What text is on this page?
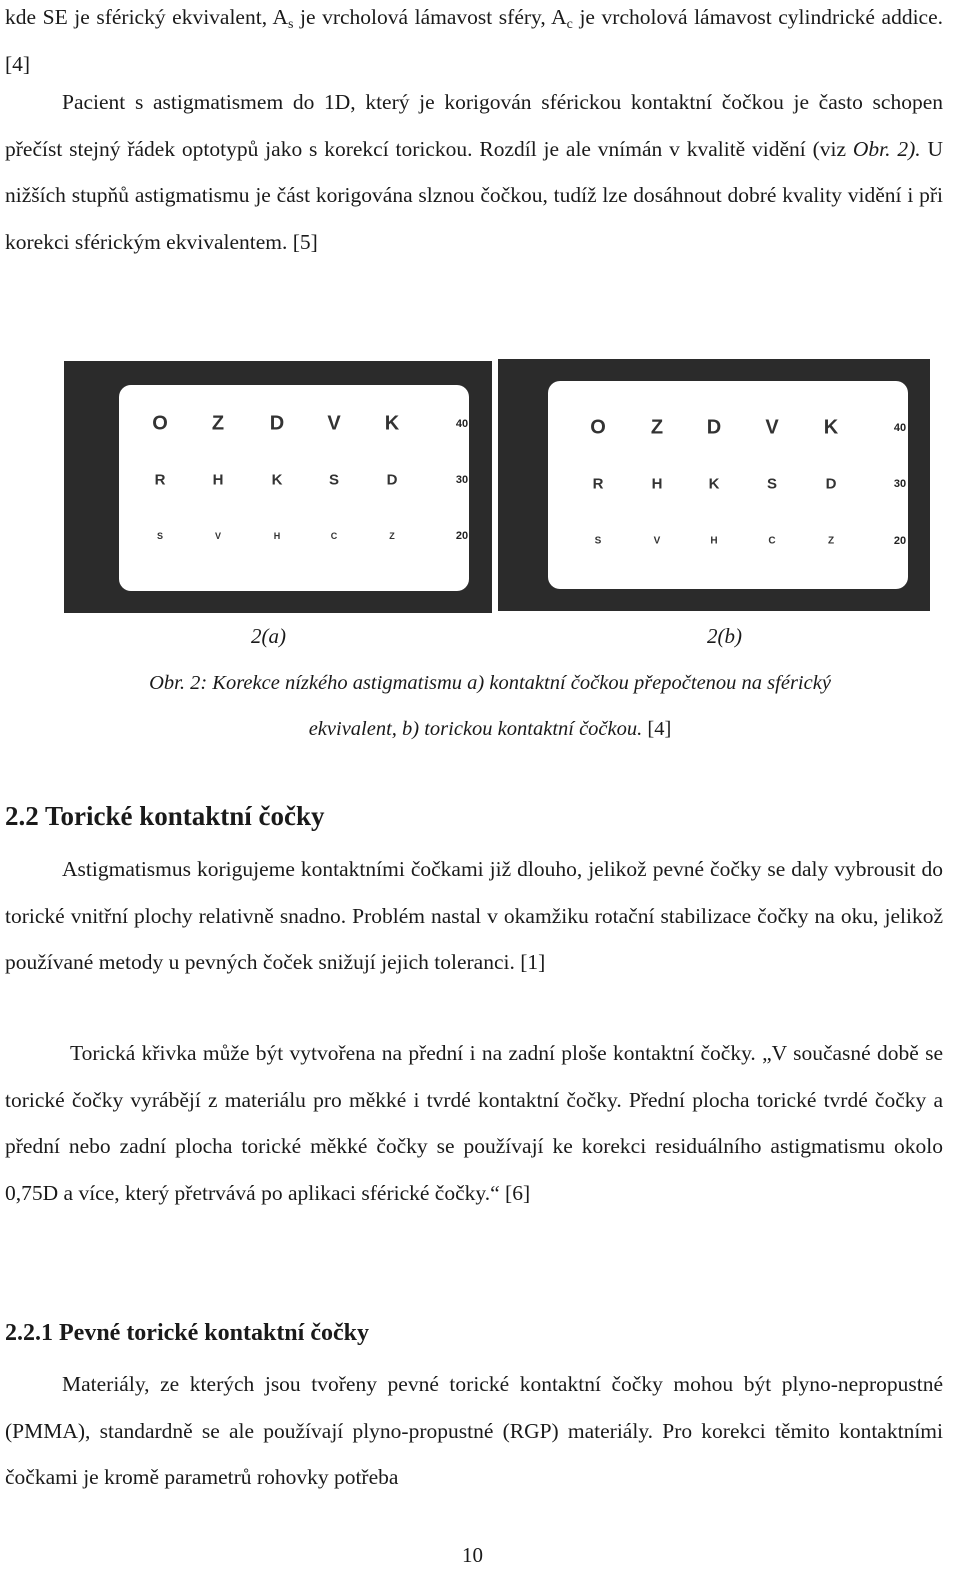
kde SE je sférický ekvivalent, $A_s$ je vrcholová lámavost sféry, $A_c$ je vrcholová lámavost cylindrické addice. [4]

Pacient s astigmatismem do 1D, který je korigován sférickou kontaktní čočkou je často schopen přečíst stejný řádek optotypů jako s korekcí torickou. Rozdíl je ale vnímán v kvalitě vidění (viz Obr. 2). U nižších stupňů astigmatismu je část korigována slznou čočkou, tudíž lze dosáhnout dobré kvality vidění i při korekci sférickým ekvivalentem. [5]

O Z D V K	40
R	H	K	S	D	30
S	V	H	C	Z	20
O Z D V K	40
R	H	K	S	D	30
S	V	H	C	Z	20
2(a)	2(b)
Obr. 2: Korekce nízkého astigmatismu a) kontaktní čočkou přepočtenou na sférický
ekvivalent, b) torickou kontaktní čočkou. [4]
2.2 Torické kontaktní čočky

Astigmatismus korigujeme kontaktními čočkami již dlouho, jelikož pevné čočky se daly vybrousit do torické vnitřní plochy relativně snadno. Problém nastal v okamžiku rotační stabilizace čočky na oku, jelikož používané metody u pevných čoček snižují jejich toleranci. [1]

Torická křivka může být vytvořena na přední i na zadní ploše kontaktní čočky. „V současné době se torické čočky vyrábějí z materiálu pro měkké i tvrdé kontaktní čočky. Přední plocha torické tvrdé čočky a přední nebo zadní plocha torické měkké čočky se používají ke korekci residuálního astigmatismu okolo 0,75D a více, který přetrvává po aplikaci sférické čočky.“ [6]

2.2.1 Pevné torické kontaktní čočky

Materiály, ze kterých jsou tvořeny pevné torické kontaktní čočky mohou být plyno-nepropustné (PMMA), standardně se ale používají plyno-propustné (RGP) materiály. Pro korekci těmito kontaktními čočkami je kromě parametrů rohovky potřeba

10
